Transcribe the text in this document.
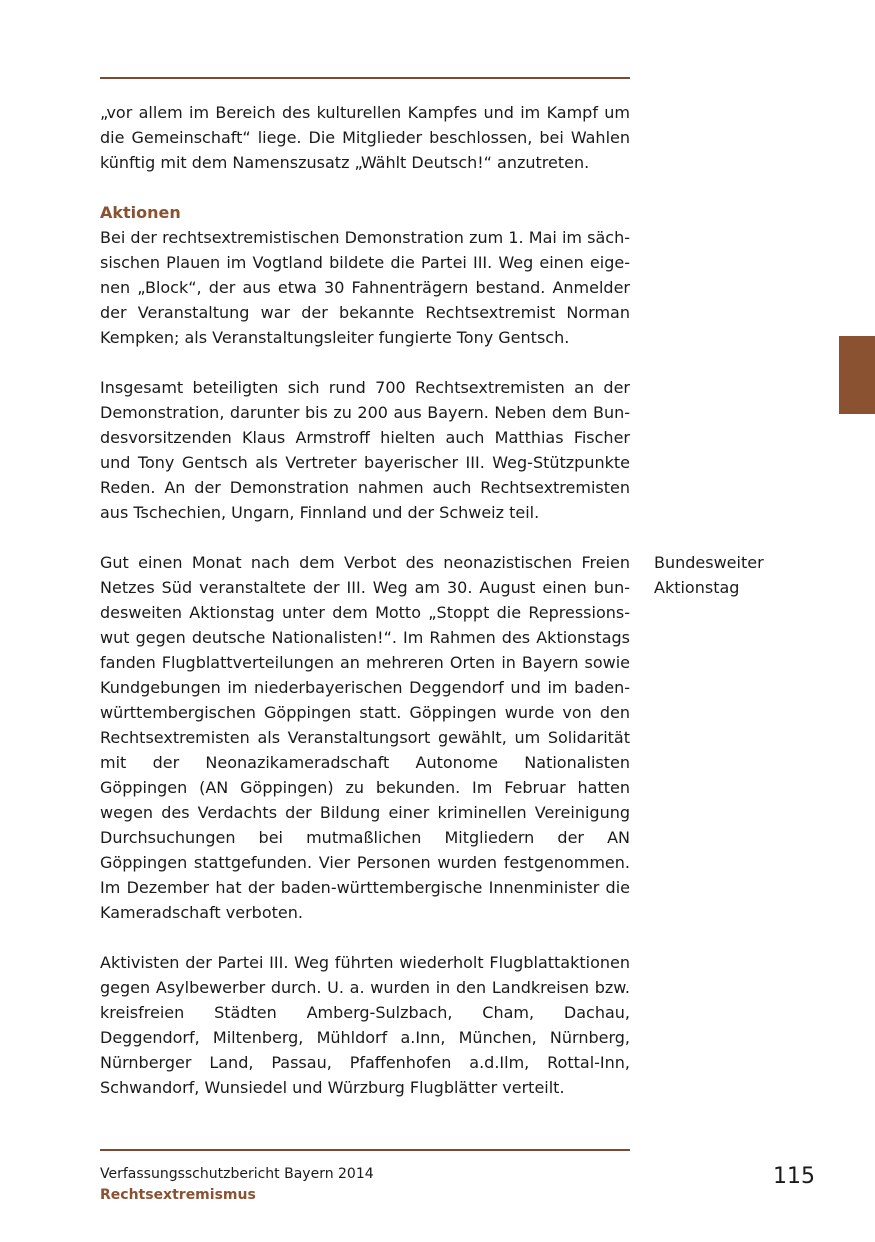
„vor allem im Bereich des kulturellen Kampfes und im Kampf um die Gemeinschaft“ liege. Die Mitglieder beschlossen, bei Wahlen künftig mit dem Namenszusatz „Wählt Deutsch!“ anzutreten.

Aktionen

Bei der rechtsextremistischen Demonstration zum 1. Mai im sächsischen Plauen im Vogtland bildete die Partei III. Weg einen eigenen „Block“, der aus etwa 30 Fahnenträgern bestand. Anmelder der Veranstaltung war der bekannte Rechtsextremist Norman Kempken; als Veranstaltungsleiter fungierte Tony Gentsch.

Insgesamt beteiligten sich rund 700 Rechtsextremisten an der Demonstration, darunter bis zu 200 aus Bayern. Neben dem Bundesvorsitzenden Klaus Armstroff hielten auch Matthias Fischer und Tony Gentsch als Vertreter bayerischer III. Weg-Stützpunkte Reden. An der Demonstration nahmen auch Rechtsextremisten aus Tschechien, Ungarn, Finnland und der Schweiz teil.

Gut einen Monat nach dem Verbot des neonazistischen Freien Netzes Süd veranstaltete der III. Weg am 30. August einen bundesweiten Aktionstag unter dem Motto „Stoppt die Repressionswut gegen deutsche Nationalisten!“. Im Rahmen des Aktionstags fanden Flugblattverteilungen an mehreren Orten in Bayern sowie Kundgebungen im niederbayerischen Deggendorf und im baden-württembergischen Göppingen statt. Göppingen wurde von den Rechtsextremisten als Veranstaltungsort gewählt, um Solidarität mit der Neonazikameradschaft Autonome Nationalisten Göppingen (AN Göppingen) zu bekunden. Im Februar hatten wegen des Verdachts der Bildung einer kriminellen Vereinigung Durchsuchungen bei mutmaßlichen Mitgliedern der AN Göppingen stattgefunden. Vier Personen wurden festgenommen. Im Dezember hat der baden-württembergische Innenminister die Kameradschaft verboten.

Aktivisten der Partei III. Weg führten wiederholt Flugblattaktionen gegen Asylbewerber durch. U. a. wurden in den Landkreisen bzw. kreisfreien Städten Amberg-Sulzbach, Cham, Dachau, Deggendorf, Miltenberg, Mühldorf a.Inn, München, Nürnberg, Nürnberger Land, Passau, Pfaffenhofen a.d.Ilm, Rottal-Inn, Schwandorf, Wunsiedel und Würzburg Flugblätter verteilt.

Bundesweiter
Aktionstag
Verfassungsschutzbericht Bayern 2014
Rechtsextremismus
115
